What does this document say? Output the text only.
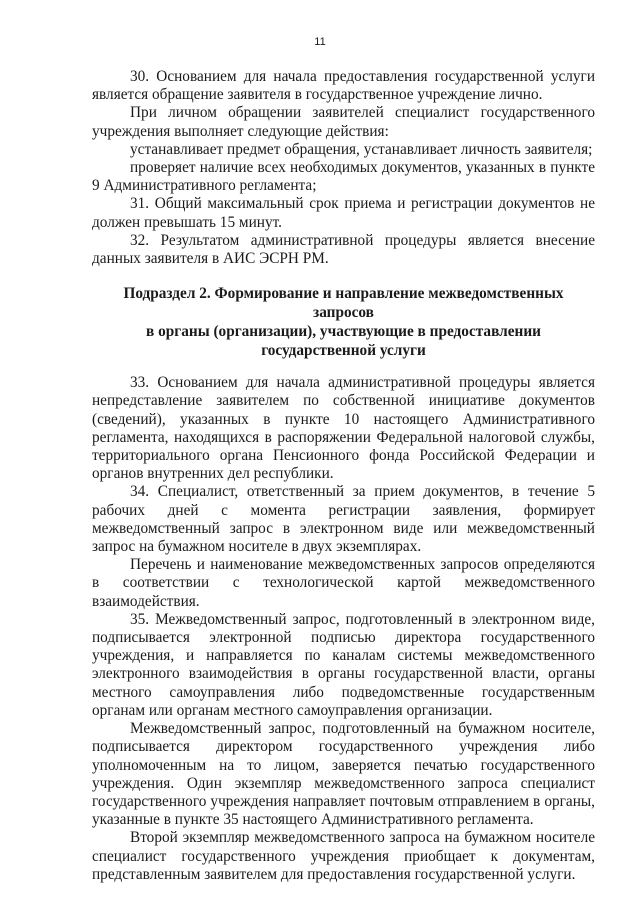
11

30. Основанием для начала предоставления государственной услуги является обращение заявителя в государственное учреждение лично.

При личном обращении заявителей специалист государственного учреждения выполняет следующие действия:

устанавливает предмет обращения, устанавливает личность заявителя;

проверяет наличие всех необходимых документов, указанных в пункте 9 Административного регламента;

31. Общий максимальный срок приема и регистрации документов не должен превышать 15 минут.

32. Результатом административной процедуры является внесение данных заявителя в АИС ЭСРН РМ.

Подраздел 2. Формирование и направление межведомственных запросов
в органы (организации), участвующие в предоставлении
государственной услуги

33. Основанием для начала административной процедуры является непредставление заявителем по собственной инициативе документов (сведений), указанных в пункте 10 настоящего Административного регламента, находящихся в распоряжении Федеральной налоговой службы, территориального органа Пенсионного фонда Российской Федерации и органов внутренних дел республики.

34. Специалист, ответственный за прием документов, в течение 5 рабочих дней с момента регистрации заявления, формирует межведомственный запрос в электронном виде или межведомственный запрос на бумажном носителе в двух экземплярах.

Перечень и наименование межведомственных запросов определяются в соответствии с технологической картой межведомственного взаимодействия.

35. Межведомственный запрос, подготовленный в электронном виде, подписывается электронной подписью директора государственного учреждения, и направляется по каналам системы межведомственного электронного взаимодействия в органы государственной власти, органы местного самоуправления либо подведомственные государственным органам или органам местного самоуправления организации.

Межведомственный запрос, подготовленный на бумажном носителе, подписывается директором государственного учреждения либо уполномоченным на то лицом, заверяется печатью государственного учреждения. Один экземпляр межведомственного запроса специалист государственного учреждения направляет почтовым отправлением в органы, указанные в пункте 35 настоящего Административного регламента.

Второй экземпляр межведомственного запроса на бумажном носителе специалист государственного учреждения приобщает к документам, представленным заявителем для предоставления государственной услуги.
